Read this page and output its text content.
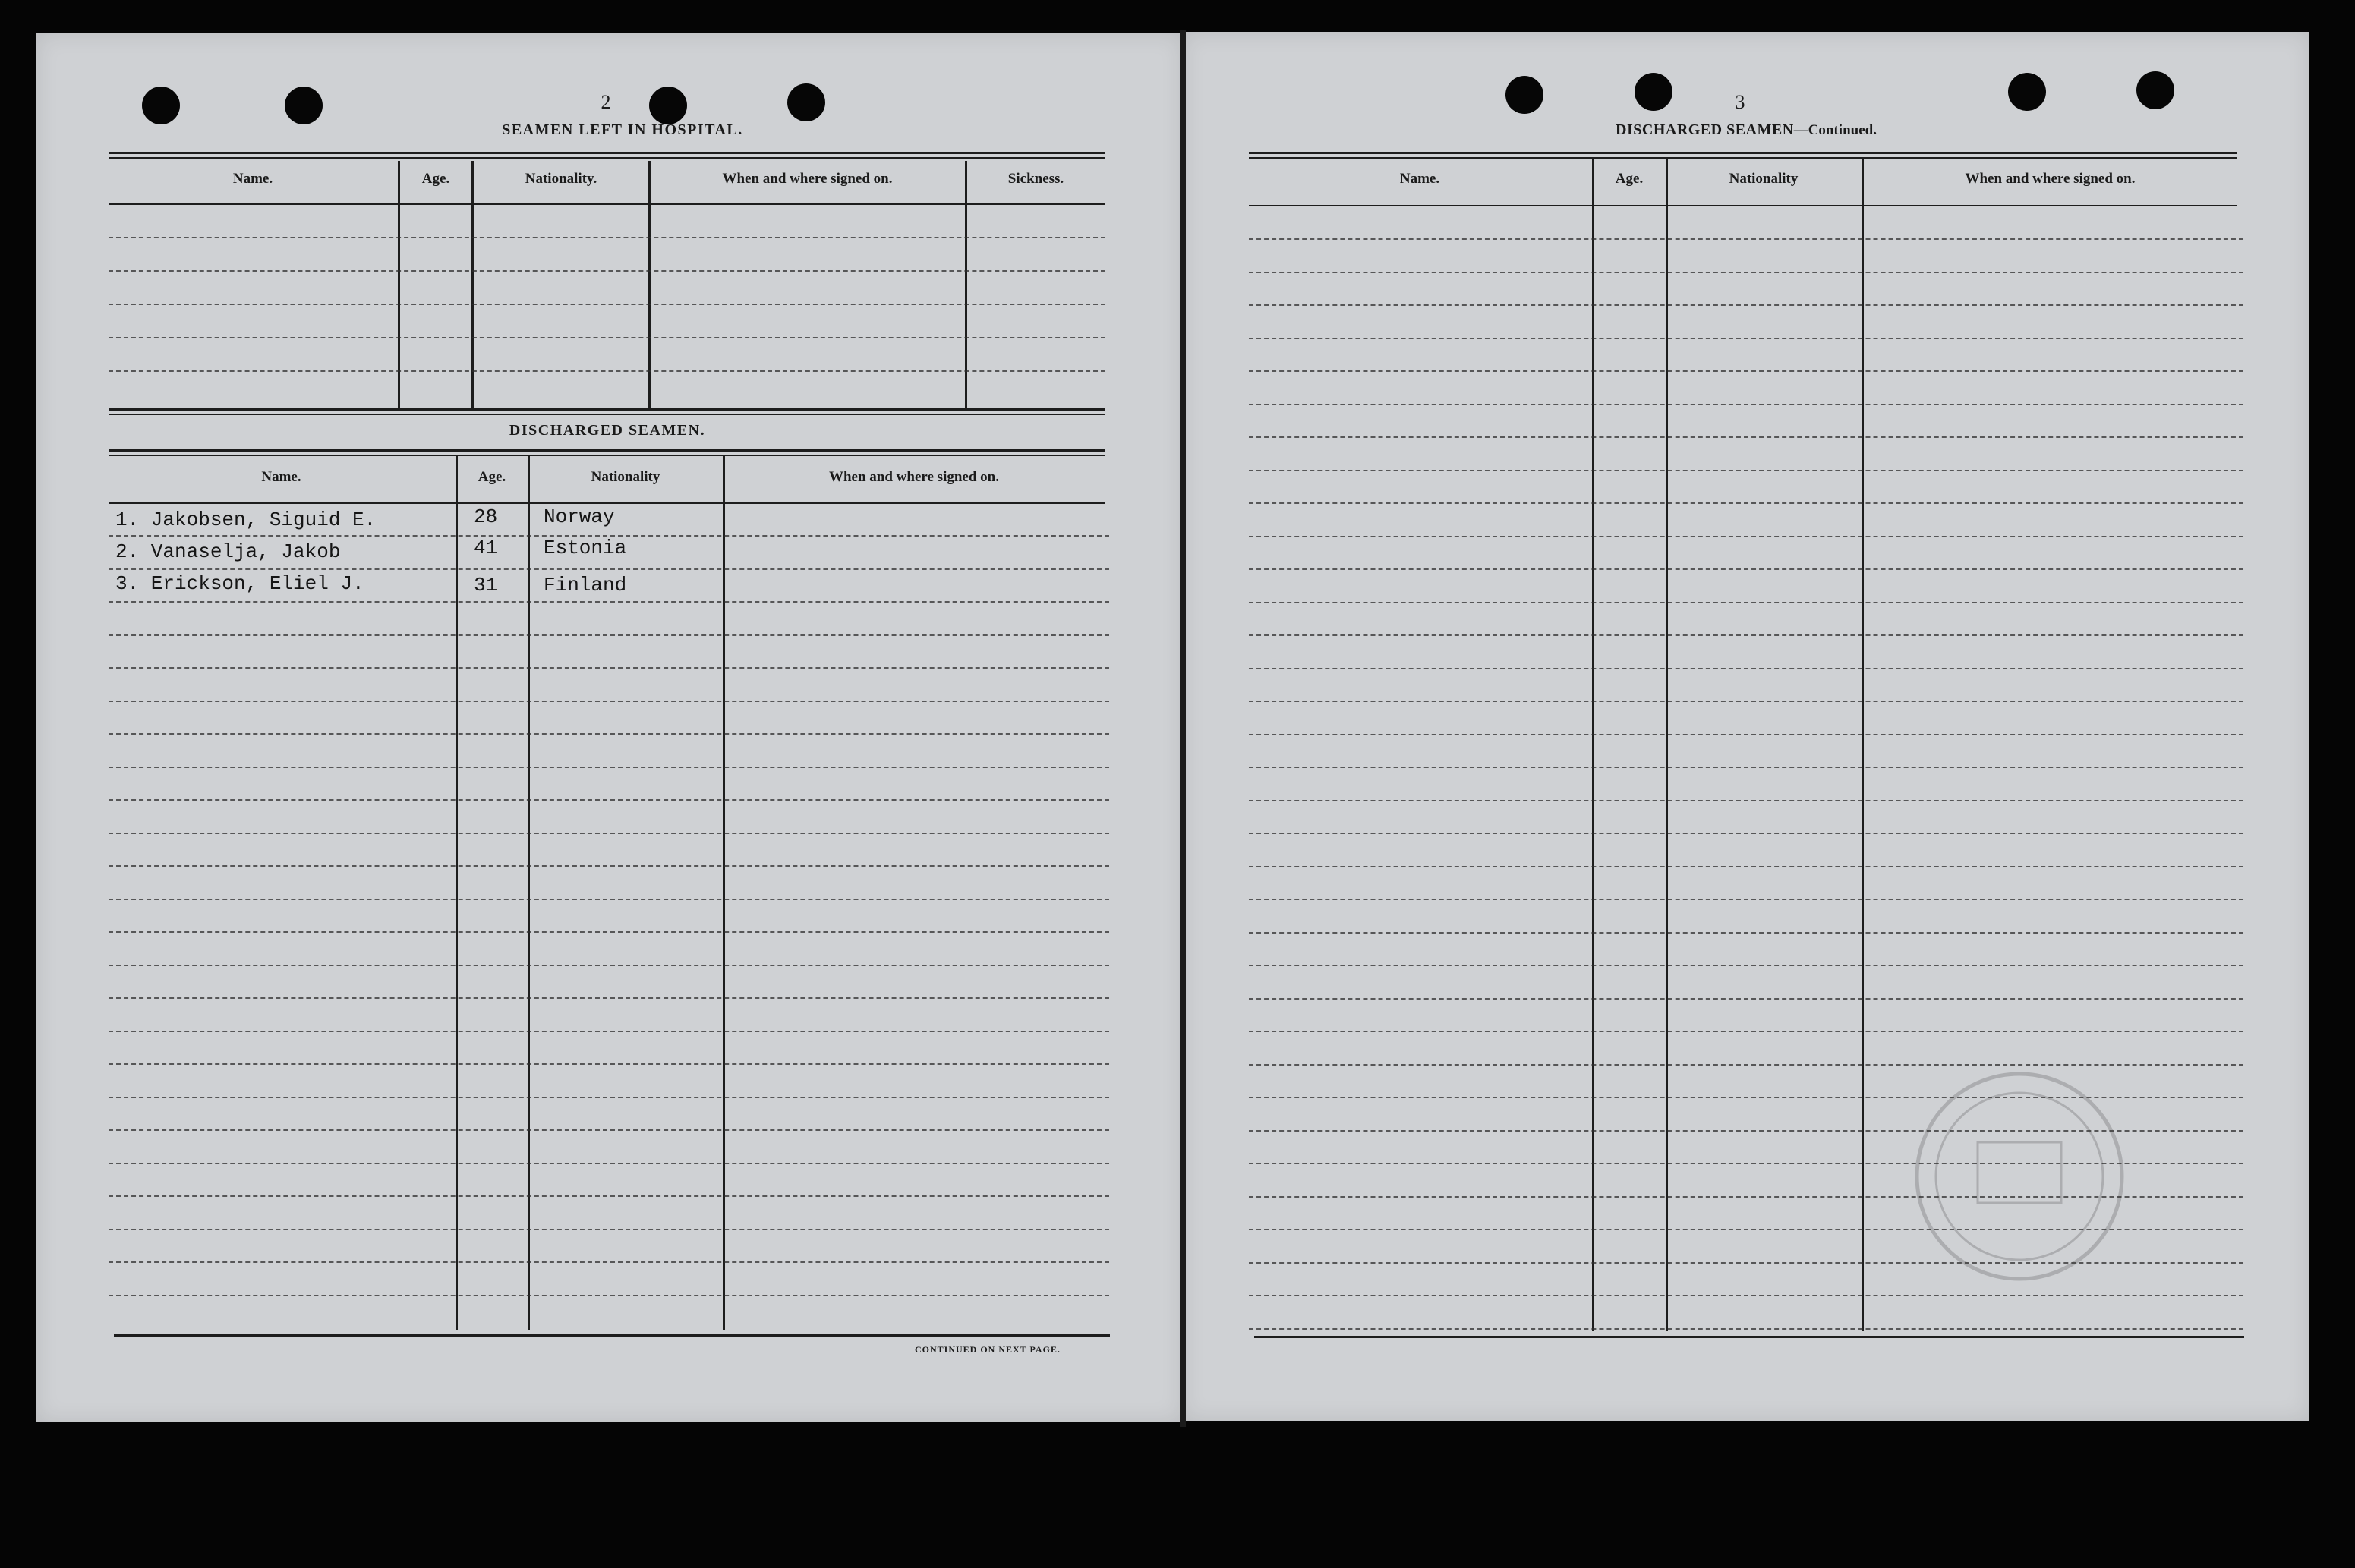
2
SEAMEN LEFT IN HOSPITAL.
Name.	Age.	Nationality.	When and where signed on.	Sickness.
DISCHARGED SEAMEN.
Name.	Age.	Nationality	When and where signed on.
1. Jakobsen, Siguid E.	28 Norway
2. Vanaselja, Jakob	41 Estonia
3. Erickson, Eliel J.	31 Finland
CONTINUED ON NEXT PAGE.
3
DISCHARGED SEAMEN—Continued.
Name.	Age.	Nationality	When and where signed on.
